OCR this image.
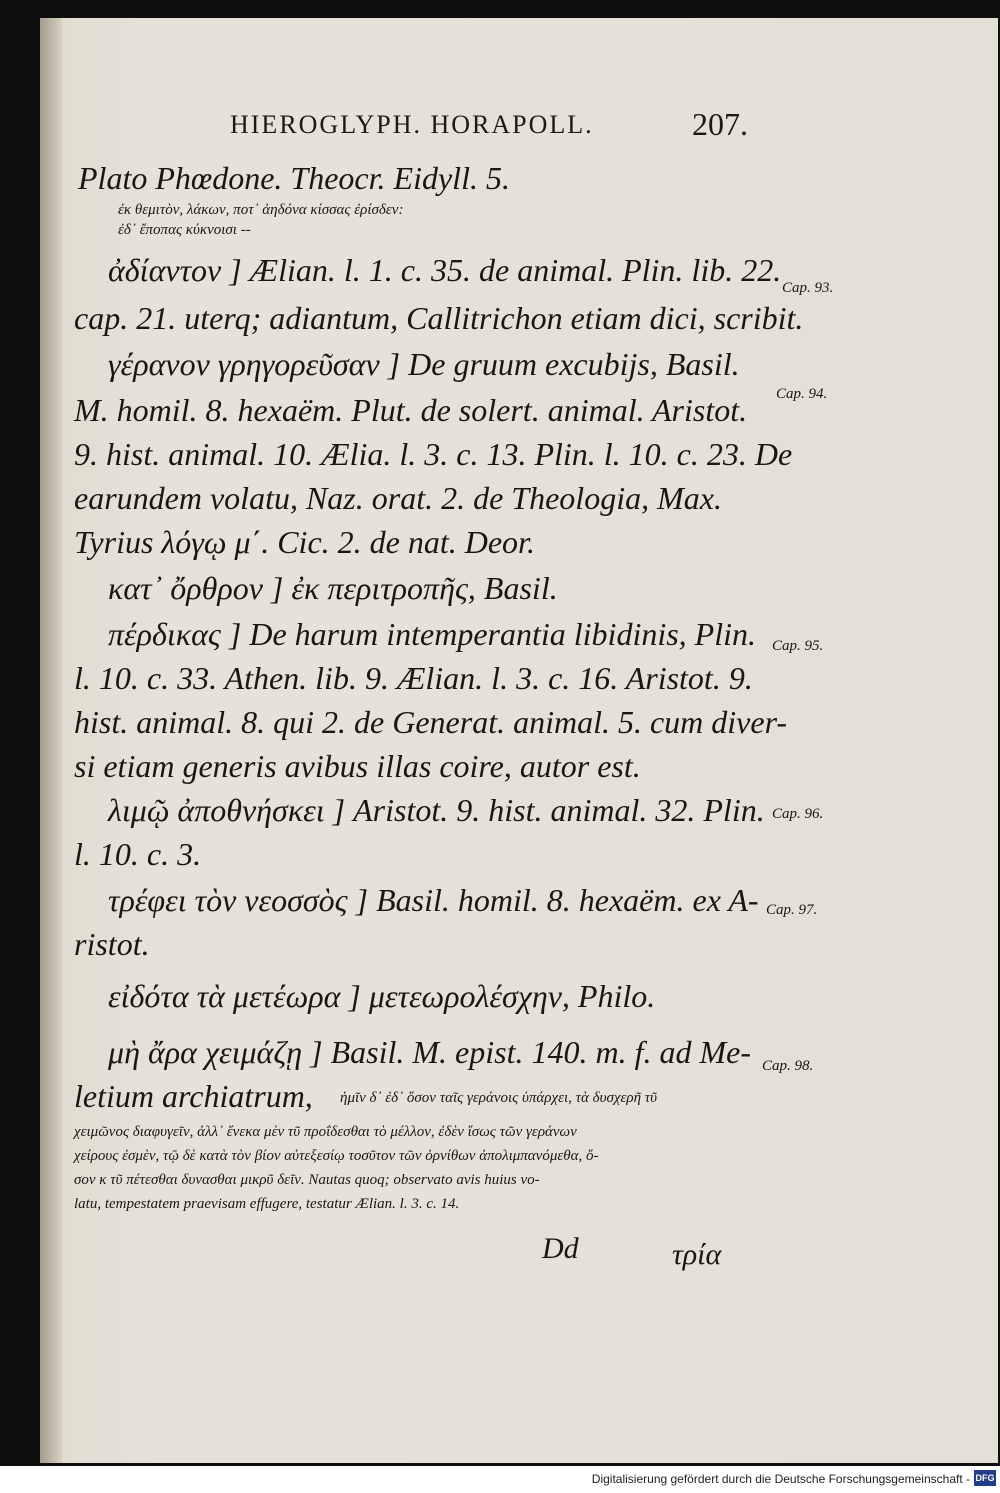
HIEROGLYPH. HORAPOLL.	207.
Plato Phœdone. Theocr. Eidyll. 5.
ἐκ θεμιτὸν, λάκων, ποτ᾽ ἀηδόνα κίσσας ἐρίσδεν:
ἐδ᾽ ἔποπας κύκνοισι --
ἀδίαντον ] Ælian. l. 1. c. 35. de animal. Plin. lib. 22.
cap. 21. uterq; adiantum, Callitrichon etiam dici, scribit.
γέρανον γρηγορεῦσαν ] De gruum excubijs, Basil.
M. homil. 8. hexaëm. Plut. de solert. animal. Aristot.
9. hist. animal. 10. Ælia. l. 3. c. 13. Plin. l. 10. c. 23. De
earundem volatu, Naz. orat. 2. de Theologia, Max.
Tyrius λόγῳ μ΄. Cic. 2. de nat. Deor.
κατ᾽ ὄρθρον ] ἐκ περιτροπῆς, Basil.
πέρδικας ] De harum intemperantia libidinis, Plin.
l. 10. c. 33. Athen. lib. 9. Ælian. l. 3. c. 16. Aristot. 9.
hist. animal. 8. qui 2. de Generat. animal. 5. cum diver-
si etiam generis avibus illas coire, autor est.
λιμῷ ἀποθνήσκει ] Aristot. 9. hist. animal. 32. Plin.
l. 10. c. 3.
τρέφει τὸν νεοσσὸς ] Basil. homil. 8. hexaëm. ex A-
ristot.
εἰδότα τὰ μετέωρα ] μετεωρολέσχην, Philo.
μὴ ἄρα χειμάζῃ ] Basil. M. epist. 140. m. f. ad Me-
letium archiatrum, ἡμῖν δ᾽ ἐδ᾽ ὅσον ταῖς γεράνοις ὑπάρχει, τὰ δυσχερῆ τῦ
χειμῶνος διαφυγεῖν, ἀλλ᾽ ἕνεκα μὲν τῦ προΐδεσθαι τὸ μέλλον, ἐδὲν ἴσως τῶν γεράνων
χείρους ἐσμὲν, τῷ δὲ κατὰ τὸν βίον αὐτεξεσίῳ τοσῦτον τῶν ὀρνίθων ἀπολιμπανόμεθα, ὅ-
σον κ τῦ πέτεσθαι δυνασθαι μικρῦ δεῖν. Nautas quoq; observato avis huius vo-
latu, tempestatem praevisam effugere, testatur Ælian. l. 3. c. 14.
Cap. 93.
Cap. 94.
Cap. 95.
Cap. 96.
Cap. 97.
Cap. 98.
Dd	τρία
Digitalisierung gefördert durch die Deutsche Forschungsgemeinschaft - DFG
